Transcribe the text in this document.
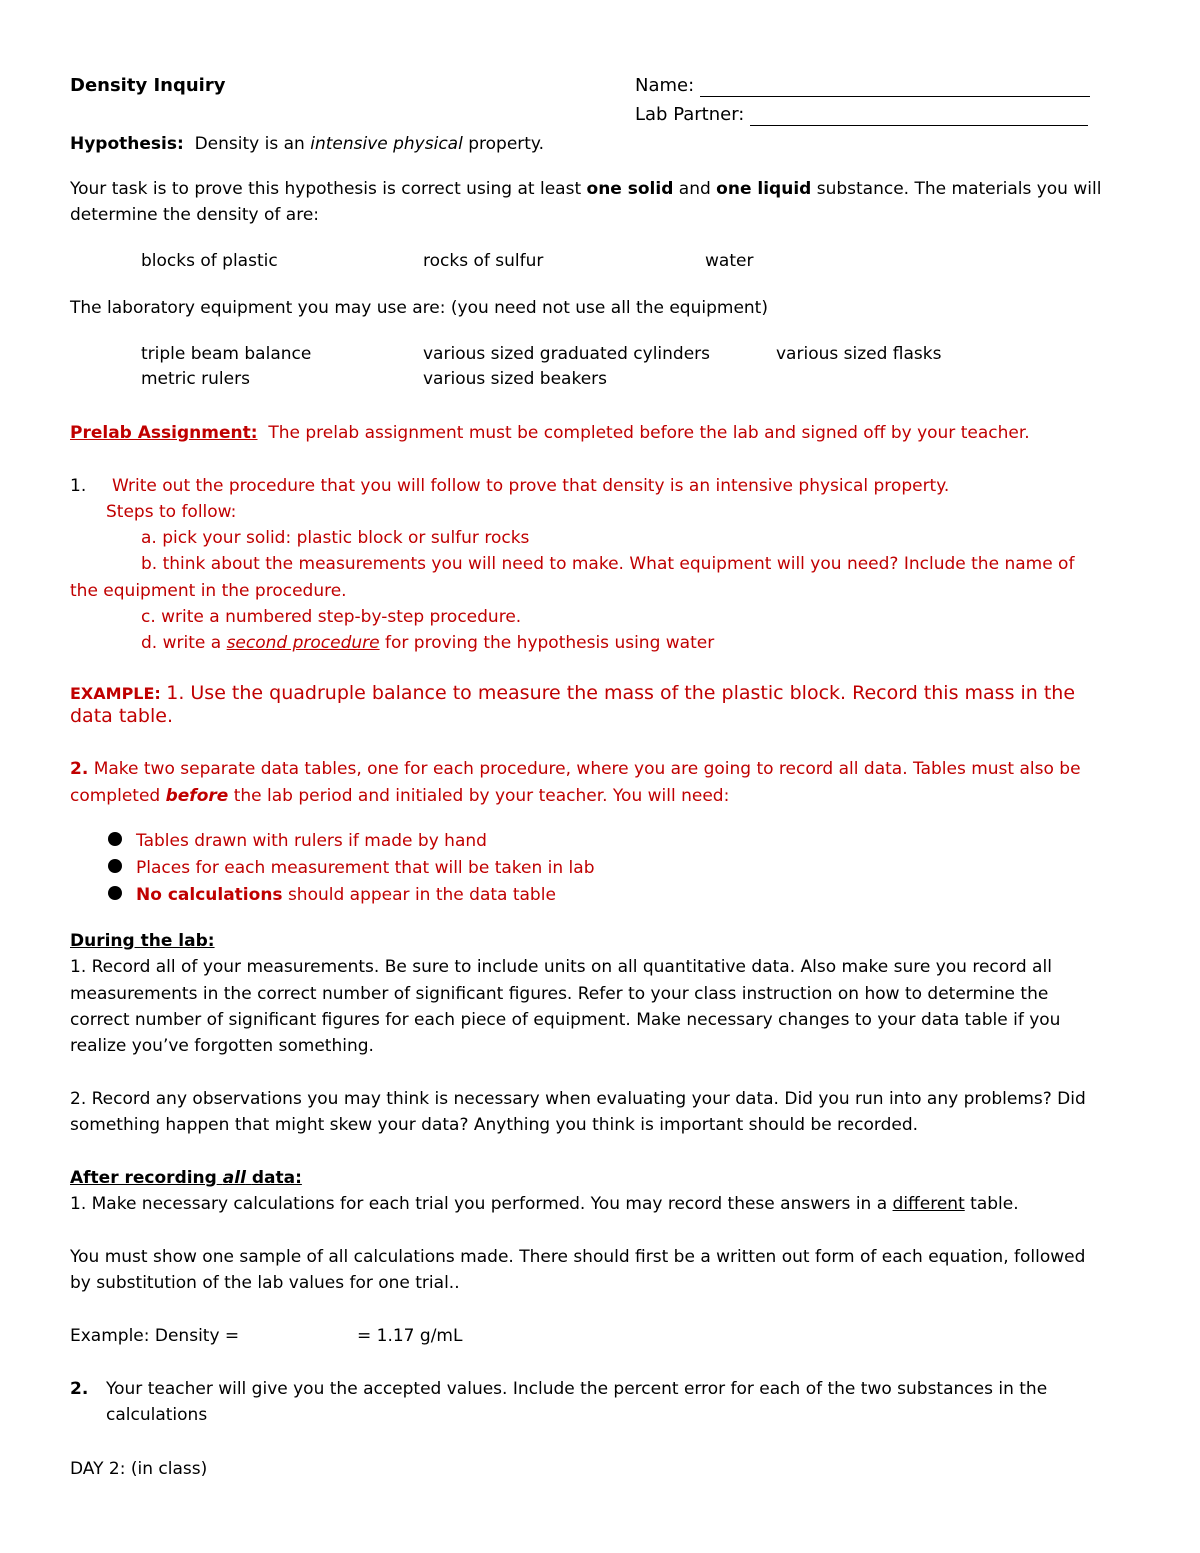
Density Inquiry	Name:
Lab Partner:
Hypothesis: Density is an intensive physical property.
Your task is to prove this hypothesis is correct using at least one solid and one liquid substance. The materials you will
determine the density of are:
blocks of plastic	rocks of sulfur	water
The laboratory equipment you may use are: (you need not use all the equipment)
triple beam balance	various sized graduated cylinders	various sized flasks
metric rulers	various sized beakers
Prelab Assignment: The prelab assignment must be completed before the lab and signed off by your teacher.
1. Write out the procedure that you will follow to prove that density is an intensive physical property.
Steps to follow:
a. pick your solid: plastic block or sulfur rocks
b. think about the measurements you will need to make. What equipment will you need? Include the name of
the equipment in the procedure.
c. write a numbered step-by-step procedure.
d. write a second procedure for proving the hypothesis using water
EXAMPLE: 1. Use the quadruple balance to measure the mass of the plastic block. Record this mass in the
data table.
2. Make two separate data tables, one for each procedure, where you are going to record all data. Tables must also be
completed before the lab period and initialed by your teacher. You will need:
Tables drawn with rulers if made by hand
Places for each measurement that will be taken in lab
No calculations should appear in the data table
During the lab:
1. Record all of your measurements. Be sure to include units on all quantitative data. Also make sure you record all
measurements in the correct number of significant figures. Refer to your class instruction on how to determine the
correct number of significant figures for each piece of equipment. Make necessary changes to your data table if you
realize you’ve forgotten something.
2. Record any observations you may think is necessary when evaluating your data. Did you run into any problems? Did
something happen that might skew your data? Anything you think is important should be recorded.
After recording all data:
1. Make necessary calculations for each trial you performed. You may record these answers in a different table.
You must show one sample of all calculations made. There should first be a written out form of each equation, followed
by substitution of the lab values for one trial..
Example: Density =	= 1.17 g/mL
2. Your teacher will give you the accepted values. Include the percent error for each of the two substances in the
calculations
DAY 2: (in class)
